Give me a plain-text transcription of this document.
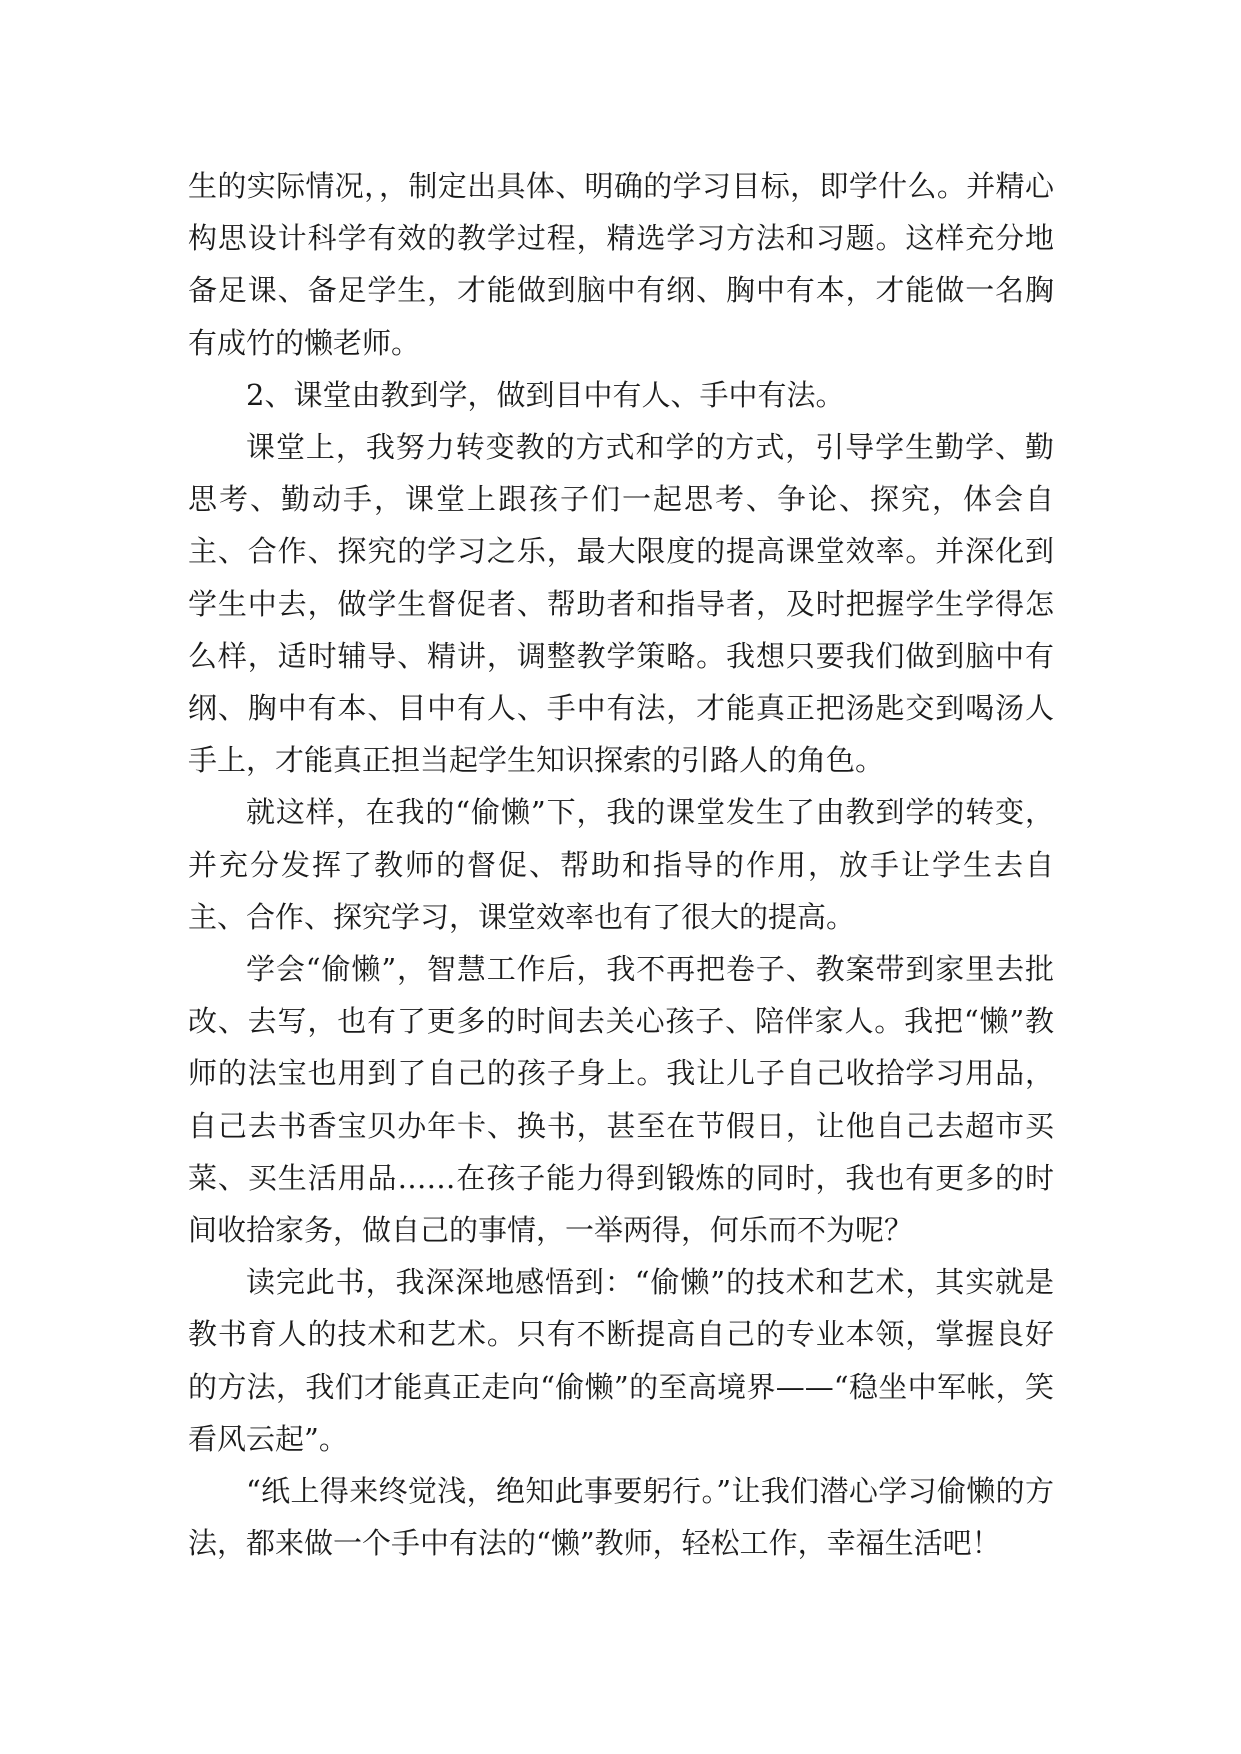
生的实际情况，，制定出具体、明确的学习目标，即学什么。并精心构思设计科学有效的教学过程，精选学习方法和习题。这样充分地备足课、备足学生，才能做到脑中有纲、胸中有本，才能做一名胸有成竹的懒老师。

2、课堂由教到学，做到目中有人、手中有法。

课堂上，我努力转变教的方式和学的方式，引导学生勤学、勤思考、勤动手，课堂上跟孩子们一起思考、争论、探究，体会自主、合作、探究的学习之乐，最大限度的提高课堂效率。并深化到学生中去，做学生督促者、帮助者和指导者，及时把握学生学得怎么样，适时辅导、精讲，调整教学策略。我想只要我们做到脑中有纲、胸中有本、目中有人、手中有法，才能真正把汤匙交到喝汤人手上，才能真正担当起学生知识探索的引路人的角色。

就这样，在我的“偷懒”下，我的课堂发生了由教到学的转变，并充分发挥了教师的督促、帮助和指导的作用，放手让学生去自主、合作、探究学习，课堂效率也有了很大的提高。

学会“偷懒”，智慧工作后，我不再把卷子、教案带到家里去批改、去写，也有了更多的时间去关心孩子、陪伴家人。我把“懒”教师的法宝也用到了自己的孩子身上。我让儿子自己收拾学习用品，自己去书香宝贝办年卡、换书，甚至在节假日，让他自己去超市买菜、买生活用品……在孩子能力得到锻炼的同时，我也有更多的时间收拾家务，做自己的事情，一举两得，何乐而不为呢？

读完此书，我深深地感悟到：“偷懒”的技术和艺术，其实就是教书育人的技术和艺术。只有不断提高自己的专业本领，掌握良好的方法，我们才能真正走向“偷懒”的至高境界——“稳坐中军帐，笑看风云起”。

“纸上得来终觉浅，绝知此事要躬行。”让我们潜心学习偷懒的方法，都来做一个手中有法的“懒”教师，轻松工作，幸福生活吧！
